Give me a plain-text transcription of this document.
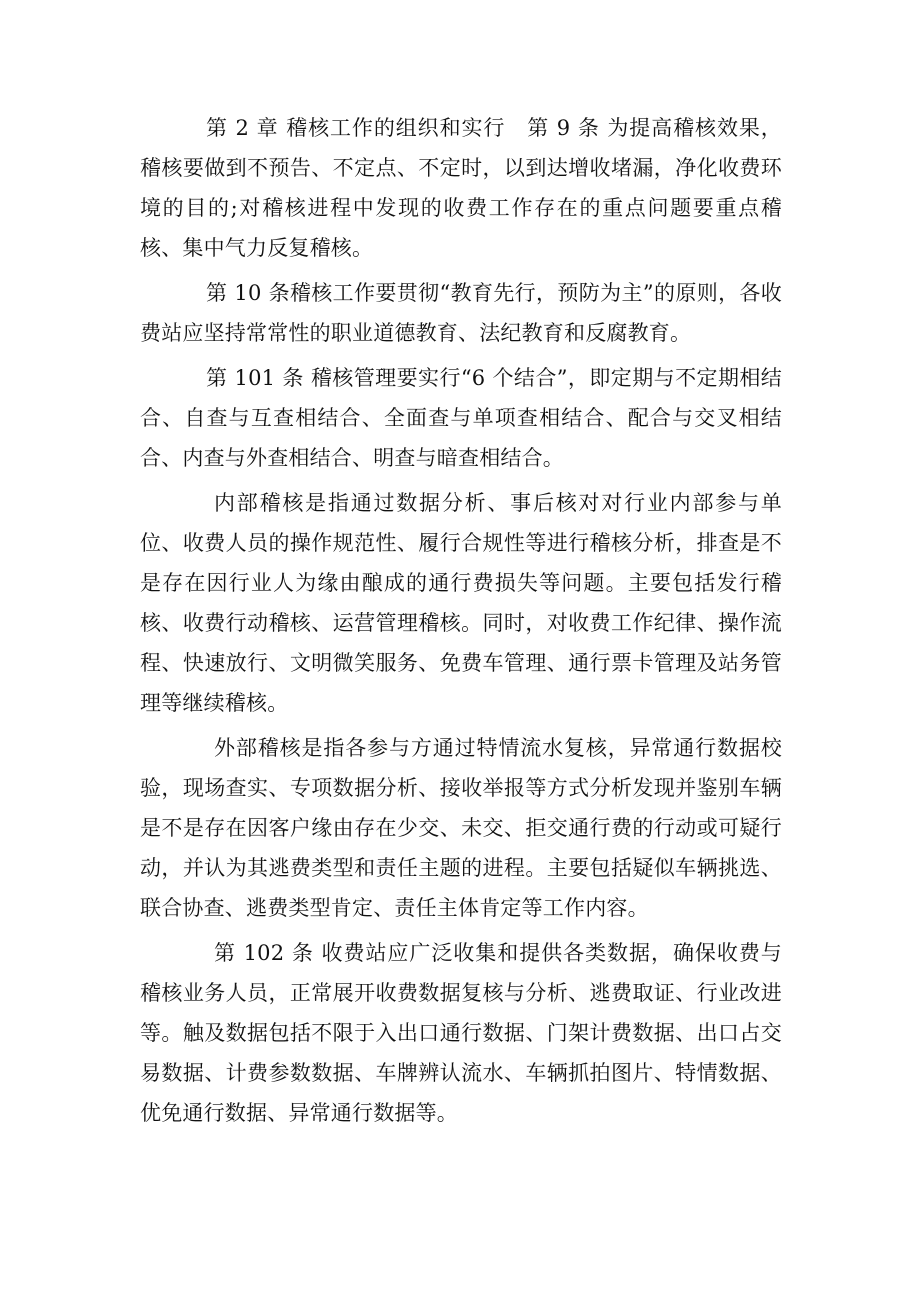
第 2 章 稽核工作的组织和实行　第 9 条 为提高稽核效果，稽核要做到不预告、不定点、不定时，以到达增收堵漏，净化收费环境的目的;对稽核进程中发现的收费工作存在的重点问题要重点稽核、集中气力反复稽核。

第 10 条稽核工作要贯彻“教育先行，预防为主”的原则，各收费站应坚持常常性的职业道德教育、法纪教育和反腐教育。

第 101 条 稽核管理要实行“6 个结合”，即定期与不定期相结合、自查与互查相结合、全面查与单项查相结合、配合与交叉相结合、内查与外查相结合、明查与暗查相结合。

内部稽核是指通过数据分析、事后核对对行业内部参与单位、收费人员的操作规范性、履行合规性等进行稽核分析，排查是不是存在因行业人为缘由酿成的通行费损失等问题。主要包括发行稽核、收费行动稽核、运营管理稽核。同时，对收费工作纪律、操作流程、快速放行、文明微笑服务、免费车管理、通行票卡管理及站务管理等继续稽核。

外部稽核是指各参与方通过特情流水复核，异常通行数据校验，现场查实、专项数据分析、接收举报等方式分析发现并鉴别车辆是不是存在因客户缘由存在少交、未交、拒交通行费的行动或可疑行动，并认为其逃费类型和责任主题的进程。主要包括疑似车辆挑选、联合协查、逃费类型肯定、责任主体肯定等工作内容。

第 102 条 收费站应广泛收集和提供各类数据，确保收费与稽核业务人员，正常展开收费数据复核与分析、逃费取证、行业改进等。触及数据包括不限于入出口通行数据、门架计费数据、出口占交易数据、计费参数数据、车牌辨认流水、车辆抓拍图片、特情数据、优免通行数据、异常通行数据等。
